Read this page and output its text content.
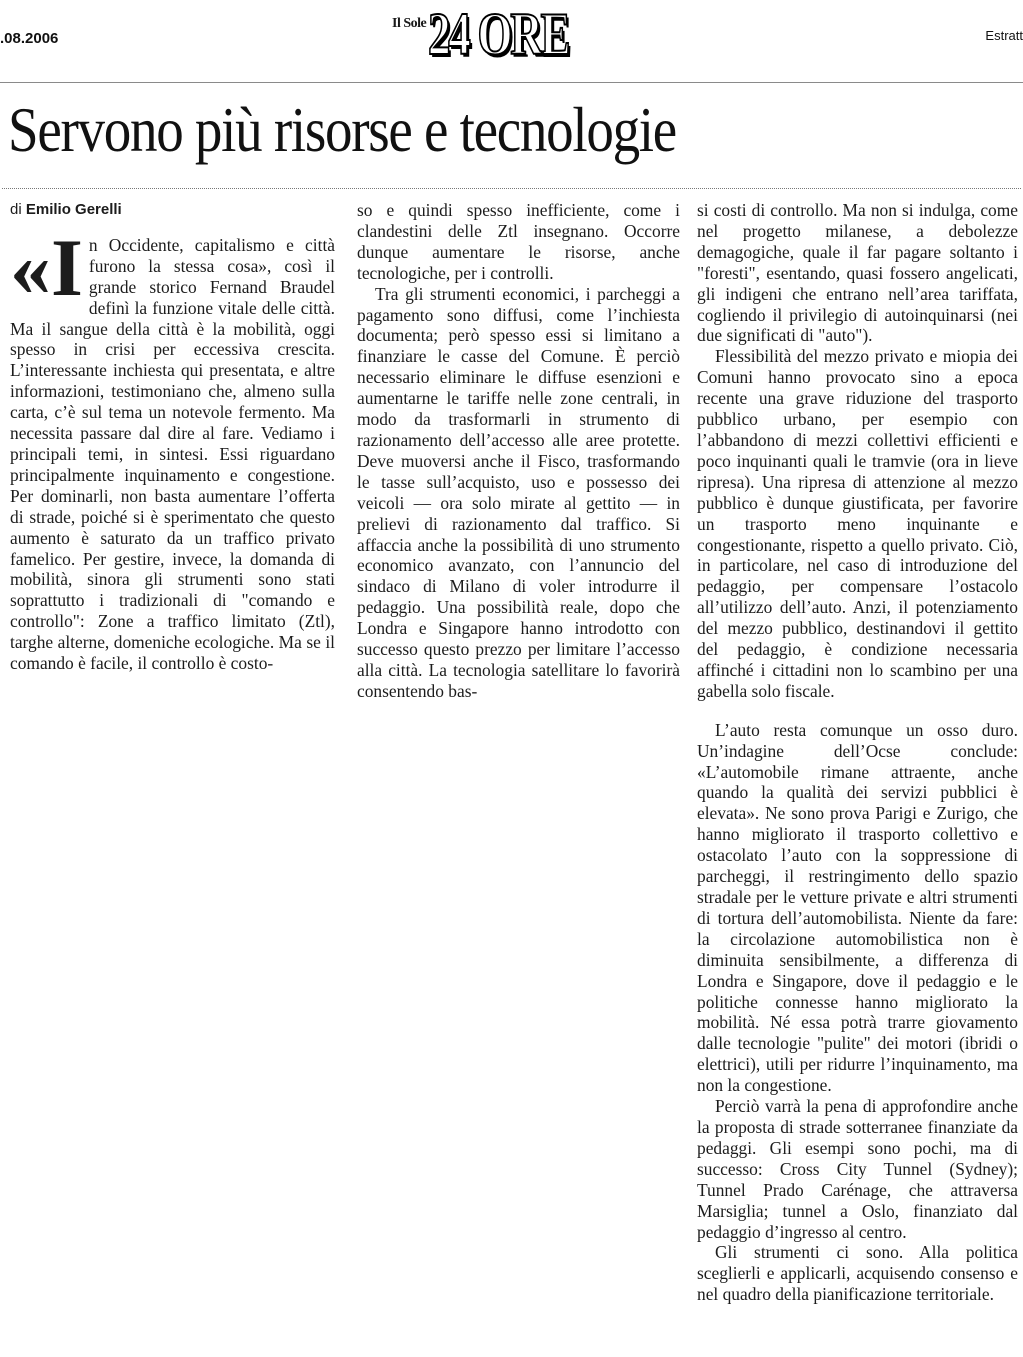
.08.2006
Il Sole 24 ORE	Estratt
Servono più risorse e tecnologie
di Emilio Gerelli
«I n Occidente, capitalismo e città furono la stessa cosa», così il grande storico Fernand Braudel definì la funzione vitale delle città. Ma il sangue della città è la mobilità, oggi spesso in crisi per eccessiva crescita. L’interessante inchiesta qui presentata, e altre informazioni, testimoniano che, almeno sulla carta, c’è sul tema un notevole fermento. Ma necessita passare dal dire al fare. Vediamo i principali temi, in sintesi. Essi riguardano principalmente inquinamento e congestione. Per dominarli, non basta aumentare l’offerta di strade, poiché si è sperimentato che questo aumento è saturato da un traffico privato famelico. Per gestire, invece, la domanda di mobilità, sinora gli strumenti sono stati soprattutto i tradizionali di "comando e controllo": Zone a traffico limitato (Ztl), targhe alterne, domeniche ecologiche. Ma se il comando è facile, il controllo è costo-

so e quindi spesso inefficiente, come i clandestini delle Ztl insegnano. Occorre dunque aumentare le risorse, anche tecnologiche, per i controlli.

Tra gli strumenti economici, i parcheggi a pagamento sono diffusi, come l’inchiesta documenta; però spesso essi si limitano a finanziare le casse del Comune. È perciò necessario eliminare le diffuse esenzioni e aumentarne le tariffe nelle zone centrali, in modo da trasformarli in strumento di razionamento dell’accesso alle aree protette. Deve muoversi anche il Fisco, trasformando le tasse sull’acquisto, uso e possesso dei veicoli — ora solo mirate al gettito — in prelievi di razionamento dal traffico. Si affaccia anche la possibilità di uno strumento economico avanzato, con l’annuncio del sindaco di Milano di voler introdurre il pedaggio. Una possibilità reale, dopo che Londra e Singapore hanno introdotto con successo questo prezzo per limitare l’accesso alla città. La tecnologia satellitare lo favorirà consentendo bas-

si costi di controllo. Ma non si indulga, come nel progetto milanese, a debolezze demagogiche, quale il far pagare soltanto i "foresti", esentando, quasi fossero angelicati, gli indigeni che entrano nell’area tariffata, cogliendo il privilegio di autoinquinarsi (nei due significati di "auto").

Flessibilità del mezzo privato e miopia dei Comuni hanno provocato sino a epoca recente una grave riduzione del trasporto pubblico urbano, per esempio con l’abbandono di mezzi collettivi efficienti e poco inquinanti quali le tramvie (ora in lieve ripresa). Una ripresa di attenzione al mezzo pubblico è dunque giustificata, per favorire un trasporto meno inquinante e congestionante, rispetto a quello privato. Ciò, in particolare, nel caso di introduzione del pedaggio, per compensare l’ostacolo all’utilizzo dell’auto. Anzi, il potenziamento del mezzo pubblico, destinandovi il gettito del pedaggio, è condizione necessaria affinché i cittadini non lo scambino per una gabella solo fiscale.

L’auto resta comunque un osso duro. Un’indagine dell’Ocse conclude: «L’automobile rimane attraente, anche quando la qualità dei servizi pubblici è elevata». Ne sono prova Parigi e Zurigo, che hanno migliorato il trasporto collettivo e ostacolato l’auto con la soppressione di parcheggi, il restringimento dello spazio stradale per le vetture private e altri strumenti di tortura dell’automobilista. Niente da fare: la circolazione automobilistica non è diminuita sensibilmente, a differenza di Londra e Singapore, dove il pedaggio e le politiche connesse hanno migliorato la mobilità. Né essa potrà trarre giovamento dalle tecnologie "pulite" dei motori (ibridi o elettrici), utili per ridurre l’inquinamento, ma non la congestione.

Perciò varrà la pena di approfondire anche la proposta di strade sotterranee finanziate da pedaggi. Gli esempi sono pochi, ma di successo: Cross City Tunnel (Sydney); Tunnel Prado Carénage, che attraversa Marsiglia; tunnel a Oslo, finanziato dal pedaggio d’ingresso al centro.

Gli strumenti ci sono. Alla politica sceglierli e applicarli, acquisendo consenso e nel quadro della pianificazione territoriale.
